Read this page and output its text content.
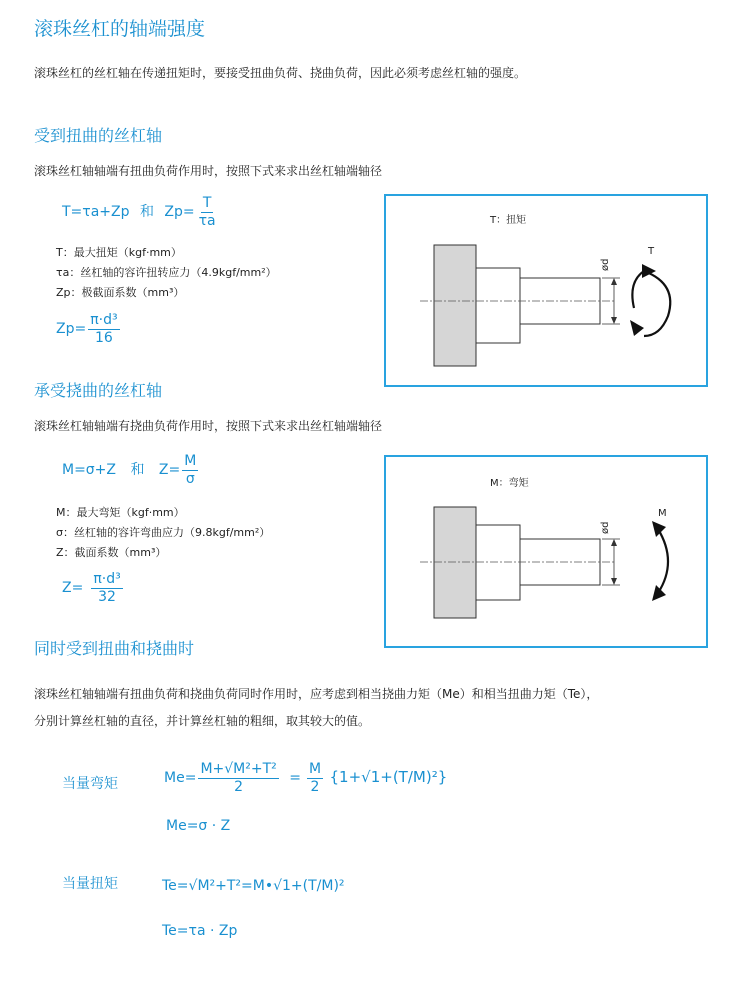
滚珠丝杠的轴端强度
滚珠丝杠的丝杠轴在传递扭矩时，要接受扭曲负荷、挠曲负荷，因此必须考虑丝杠轴的强度。
受到扭曲的丝杠轴
滚珠丝杠轴轴端有扭曲负荷作用时，按照下式来求出丝杠轴端轴径
T=τa+Zp 和 $Zp= \frac{T}{\tau a}$
T：最大扭矩（kgf·mm）
τa：丝杠轴的容许扭转应力（4.9kgf/mm²）
Zp：极截面系数（mm³）
$Zp= \frac{\text{π·d³}}{16}$
T：扭矩
T
ød
承受挠曲的丝杠轴
滚珠丝杠轴轴端有挠曲负荷作用时，按照下式来求出丝杠轴端轴径
M=σ+Z 和 $Z= \frac{M}{\sigma}$
M：最大弯矩（kgf·mm）
σ：丝杠轴的容许弯曲应力（9.8kgf/mm²）
Z：截面系数（mm³）
$Z= \frac{\text{π·d³}}{32}$
M：弯矩
M
ød
同时受到扭曲和挠曲时
滚珠丝杠轴轴端有扭曲负荷和挠曲负荷同时作用时，应考虑到相当挠曲力矩（Me）和相当扭曲力矩（Te），
分别计算丝杠轴的直径，并计算丝杠轴的粗细，取其较大的值。
当量弯矩	$Me= \frac{\text{M+√M²+T²}}{2} = \frac{M}{2} \{1+√1+(T/M)^2\}$
Me=σ · Z
当量扭矩	Te=√M²+T²=M•√1+(T/M)²
Te=τa · Zp
